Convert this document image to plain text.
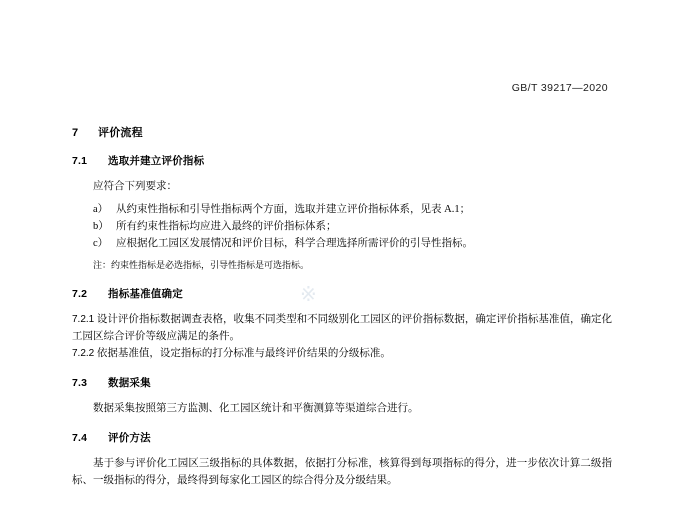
GB/T 39217—2020
※
7 评价流程
7.1 选取并建立评价指标
应符合下列要求：
a） 从约束性指标和引导性指标两个方面，选取并建立评价指标体系，见表 A.1；
b） 所有约束性指标均应进入最终的评价指标体系；
c） 应根据化工园区发展情况和评价目标，科学合理选择所需评价的引导性指标。
注：约束性指标是必选指标，引导性指标是可选指标。
7.2 指标基准值确定
7.2.1 设计评价指标数据调查表格，收集不同类型和不同级别化工园区的评价指标数据，确定评价指标基准值，确定化工园区综合评价等级应满足的条件。
7.2.2 依据基准值，设定指标的打分标准与最终评价结果的分级标准。
7.3 数据采集
数据采集按照第三方监测、化工园区统计和平衡测算等渠道综合进行。
7.4 评价方法
基于参与评价化工园区三级指标的具体数据，依据打分标准，核算得到每项指标的得分，进一步依次计算二级指标、一级指标的得分，最终得到每家化工园区的综合得分及分级结果。
